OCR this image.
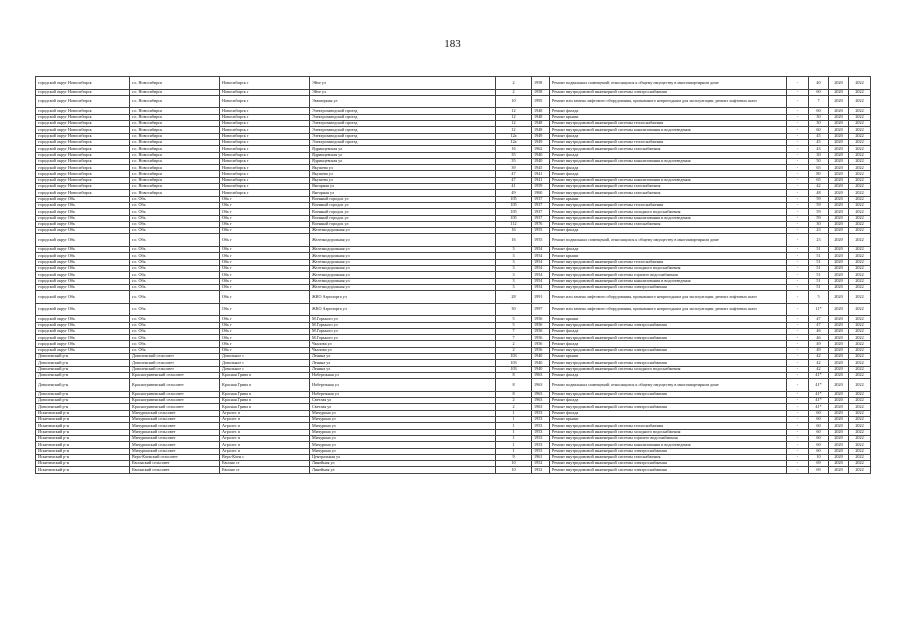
183
городской округ Новосибирск	г.о. Новосибирск	Новосибирск г	Эйхе ул	2	1958	Ремонт подвальных помещений, относящихся к общему имуществу в многоквартирном доме	-	40	2020	2022
городской округ Новосибирск	г.о. Новосибирск	Новосибирск г	Эйхе ул	2	1958	Ремонт внутридомовой инженерной системы электроснабжения	-	60	2020	2022
городской округ Новосибирск	г.о. Новосибирск	Новосибирск г	Экваторная ул	10	1995	Ремонт или замена лифтового оборудования, признанного непригодным для эксплуатации, ремонт лифтовых шахт	-	7	2020	2022
городской округ Новосибирск	г.о. Новосибирск	Новосибирск г	Электрозаводской проезд	12	1948	Ремонт фасада	-	60	2020	2022
городской округ Новосибирск	г.о. Новосибирск	Новосибирск г	Электрозаводской проезд	12	1948	Ремонт крыши	-	30	2020	2022
городской округ Новосибирск	г.о. Новосибирск	Новосибирск г	Электрозаводской проезд	12	1948	Ремонт внутридомовой инженерной системы теплоснабжения	-	30	2020	2022
городской округ Новосибирск	г.о. Новосибирск	Новосибирск г	Электрозаводской проезд	12	1948	Ремонт внутридомовой инженерной системы канализования и водоотведения	-	60	2020	2022
городской округ Новосибирск	г.о. Новосибирск	Новосибирск г	Электрозаводской проезд	12а	1949	Ремонт фасада	-	45	2020	2022
городской округ Новосибирск	г.о. Новосибирск	Новосибирск г	Электрозаводской проезд	12а	1949	Ремонт внутридомовой инженерной системы теплоснабжения	-	45	2020	2022
городской округ Новосибирск	г.о. Новосибирск	Новосибирск г	Ядринцевская ул	16	1962	Ремонт внутридомовой инженерной системы газоснабжения	-	43	2020	2022
городской округ Новосибирск	г.о. Новосибирск	Новосибирск г	Ядринцевская ул	35	1940	Ремонт фасада	-	30	2020	2022
городской округ Новосибирск	г.о. Новосибирск	Новосибирск г	Ядринцевская ул	35	1940	Ремонт внутридомовой инженерной системы канализования и водоотведения	-	50	2020	2022
городской округ Новосибирск	г.о. Новосибирск	Новосибирск г	Якушева ул	39	1945	Ремонт фасада	-	65	2020	2022
городской округ Новосибирск	г.о. Новосибирск	Новосибирск г	Якушева ул	47	1941	Ремонт фасада	-	80	2020	2022
городской округ Новосибирск	г.о. Новосибирск	Новосибирск г	Якушева ул	47	1941	Ремонт внутридомовой инженерной системы канализования и водоотведения	-	65	2020	2022
городской округ Новосибирск	г.о. Новосибирск	Новосибирск г	Янтарная ул	41	1959	Ремонт внутридомовой инженерной системы газоснабжения	-	42	2020	2022
городской округ Новосибирск	г.о. Новосибирск	Новосибирск г	Янтарная ул	49	1960	Ремонт внутридомовой инженерной системы газоснабжения	-	48	2020	2022
городской округ Обь	г.о. Обь	Обь г	Военный городок ул	105	1937	Ремонт крыши	-	59	2020	2022
городской округ Обь	г.о. Обь	Обь г	Военный городок ул	105	1937	Ремонт внутридомовой инженерной системы теплоснабжения	-	59	2020	2022
городской округ Обь	г.о. Обь	Обь г	Военный городок ул	105	1937	Ремонт внутридомовой инженерной системы холодного водоснабжения	-	59	2020	2022
городской округ Обь	г.о. Обь	Обь г	Военный городок ул	105	1937	Ремонт внутридомовой инженерной системы канализования и водоотведения	-	59	2020	2022
городской округ Обь	г.о. Обь	Обь г	Военный городок ул	112	1976	Ремонт внутридомовой инженерной системы газоснабжения	-	30	2020	2022
городской округ Обь	г.о. Обь	Обь г	Железнодорожная ул	16	1955	Ремонт фасада	-	23	2020	2022
городской округ Обь	г.о. Обь	Обь г	Железнодорожная ул	16	1955	Ремонт подвальных помещений, относящихся к общему имуществу в многоквартирном доме	-	23	2020	2022
городской округ Обь	г.о. Обь	Обь г	Железнодорожная ул	3	1954	Ремонт фасада	-	51	2020	2022
городской округ Обь	г.о. Обь	Обь г	Железнодорожная ул	3	1954	Ремонт крыши	-	51	2020	2022
городской округ Обь	г.о. Обь	Обь г	Железнодорожная ул	3	1954	Ремонт внутридомовой инженерной системы теплоснабжения	-	51	2020	2022
городской округ Обь	г.о. Обь	Обь г	Железнодорожная ул	3	1954	Ремонт внутридомовой инженерной системы холодного водоснабжения	-	51	2020	2022
городской округ Обь	г.о. Обь	Обь г	Железнодорожная ул	3	1954	Ремонт внутридомовой инженерной системы горячего водоснабжения	-	51	2020	2022
городской округ Обь	г.о. Обь	Обь г	Железнодорожная ул	3	1954	Ремонт внутридомовой инженерной системы канализования и водоотведения	-	51	2020	2022
городской округ Обь	г.о. Обь	Обь г	Железнодорожная ул	3	1954	Ремонт внутридомовой инженерной системы электроснабжения	-	51	2020	2022
городской округ Обь	г.о. Обь	Обь г	ЖКО Аэропорта ул	28	1991	Ремонт или замена лифтового оборудования, признанного непригодным для эксплуатации, ремонт лифтовых шахт	-	5	2020	2022
городской округ Обь	г.о. Обь	Обь г	ЖКО Аэропорта ул	30	1997	Ремонт или замена лифтового оборудования, признанного непригодным для эксплуатации, ремонт лифтовых шахт	-	11*	2020	2022
городской округ Обь	г.о. Обь	Обь г	М.Горького ул	5	1956	Ремонт крыши	-	47	2020	2022
городской округ Обь	г.о. Обь	Обь г	М.Горького ул	5	1956	Ремонт внутридомовой инженерной системы электроснабжения	-	47	2020	2022
городской округ Обь	г.о. Обь	Обь г	М.Горького ул	7	1956	Ремонт фасада	-	46	2020	2022
городской округ Обь	г.о. Обь	Обь г	М.Горького ул	7	1956	Ремонт внутридомовой инженерной системы электроснабжения	-	46	2020	2022
городской округ Обь	г.о. Обь	Обь г	Чкалова ул	2	1956	Ремонт фасада	-	49	2020	2022
городской округ Обь	г.о. Обь	Обь г	Чкалова ул	2	1956	Ремонт внутридомовой инженерной системы электроснабжения	-	49	2020	2022
Доволенский р-н	Доволенский сельсовет	Довольное с	Ленина ул	103	1940	Ремонт крыши	-	42	2020	2022
Доволенский р-н	Доволенский сельсовет	Довольное с	Ленина ул	103	1940	Ремонт внутридомовой инженерной системы электроснабжения	-	42	2020	2022
Доволенский р-н	Доволенский сельсовет	Довольное с	Ленина ул	103	1940	Ремонт внутридомовой инженерной системы холодного водоснабжения	-	42	2020	2022
Доволенский р-н	Красногривенский сельсовет	Красная Грива п	Набережная ул	8	1963	Ремонт фасада	-	41*	2020	2022
Доволенский р-н	Красногривенский сельсовет	Красная Грива п	Набережная ул	8	1963	Ремонт подвальных помещений, относящихся к общему имуществу в многоквартирном доме	-	41*	2020	2022
Доволенский р-н	Красногривенский сельсовет	Красная Грива п	Набережная ул	8	1963	Ремонт внутридомовой инженерной системы электроснабжения	-	41*	2020	2022
Доволенский р-н	Красногривенский сельсовет	Красная Грива п	Светлая ул	2	1963	Ремонт фасада	-	41*	2020	2022
Доволенский р-н	Красногривенский сельсовет	Красная Грива п	Светлая ул	2	1963	Ремонт внутридомовой инженерной системы электроснабжения	-	41*	2020	2022
Искитимский р-н	Мичуринский сельсовет	Агролес п	Мичурина ул	1	1953	Ремонт фасада	-	60	2020	2022
Искитимский р-н	Мичуринский сельсовет	Агролес п	Мичурина ул	1	1953	Ремонт крыши	-	60	2020	2022
Искитимский р-н	Мичуринский сельсовет	Агролес п	Мичурина ул	1	1953	Ремонт внутридомовой инженерной системы теплоснабжения	-	60	2020	2022
Искитимский р-н	Мичуринский сельсовет	Агролес п	Мичурина ул	1	1953	Ремонт внутридомовой инженерной системы холодного водоснабжения	-	60	2020	2022
Искитимский р-н	Мичуринский сельсовет	Агролес п	Мичурина ул	1	1953	Ремонт внутридомовой инженерной системы горячего водоснабжения	-	60	2020	2022
Искитимский р-н	Мичуринский сельсовет	Агролес п	Мичурина ул	1	1953	Ремонт внутридомовой инженерной системы канализования и водоотведения	-	60	2020	2022
Искитимский р-н	Мичуринский сельсовет	Агролес п	Мичурина ул	1	1953	Ремонт внутридомовой инженерной системы электроснабжения	-	60	2020	2022
Искитимский р-н	Верх-Коенский сельсовет	Верх-Коен с	Центральная ул	9	1961	Ремонт внутридомовой инженерной системы газоснабжения	-	10	2020	2022
Искитимский р-н	Евсинский сельсовет	Евсино ст	Линейная ул	10	1952	Ремонт внутридомовой инженерной системы электроснабжения	-	69	2020	2022
Искитимский р-н	Евсинский сельсовет	Евсино ст	Линейная ул	10	1952	Ремонт внутридомовой инженерной системы электроснабжения	-	69	2020	2022
